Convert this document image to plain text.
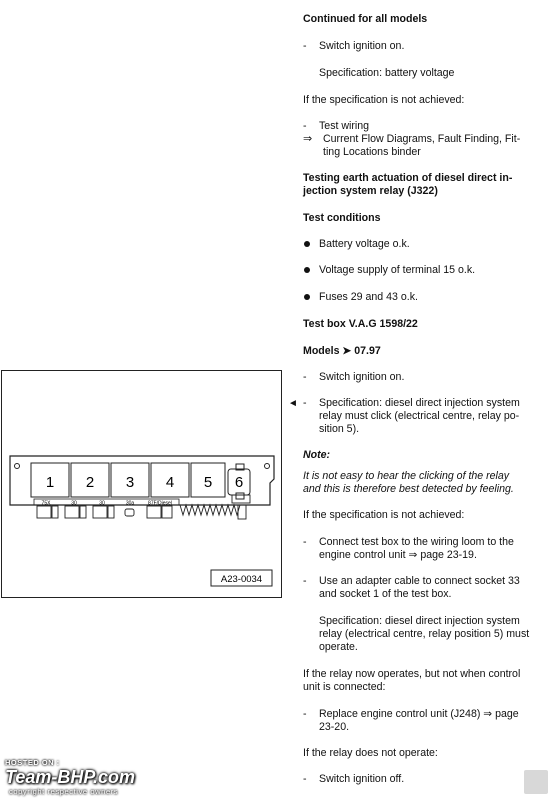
Continued for all models
- Switch ignition on.
Specification: battery voltage
If the specification is not achieved:
- Test wiring
⇒ Current Flow Diagrams, Fault Finding, Fit-
ting Locations binder
Testing earth actuation of diesel direct in-
jection system relay (J322)
Test conditions
Battery voltage o.k.
Voltage supply of terminal 15 o.k.
Fuses 29 and 43 o.k.
Test box V.A.G 1598/22
Models ➤ 07.97
- Switch ignition on.
-
◄ Specification: diesel direct injection system
relay must click (electrical centre, relay po-
sition 5).
Note:
It is not easy to hear the clicking of the relay
and this is therefore best detected by feeling.
If the specification is not achieved:
- Connect test box to the wiring loom to the
engine control unit ⇒ page 23-19.
- Use an adapter cable to connect socket 33
and socket 1 of the test box.
Specification: diesel direct injection system
relay (electrical centre, relay position 5) must
operate.
If the relay now operates, but not when control
unit is connected:
- Replace engine control unit (J248) ⇒ page
23-20.
If the relay does not operate:
- Switch ignition off.
1 2 3 4 5 6
75X	30	30	30a	87F/Diesel
A23-0034
HOSTED ON :
Team-BHP.com
copyright respective owners
